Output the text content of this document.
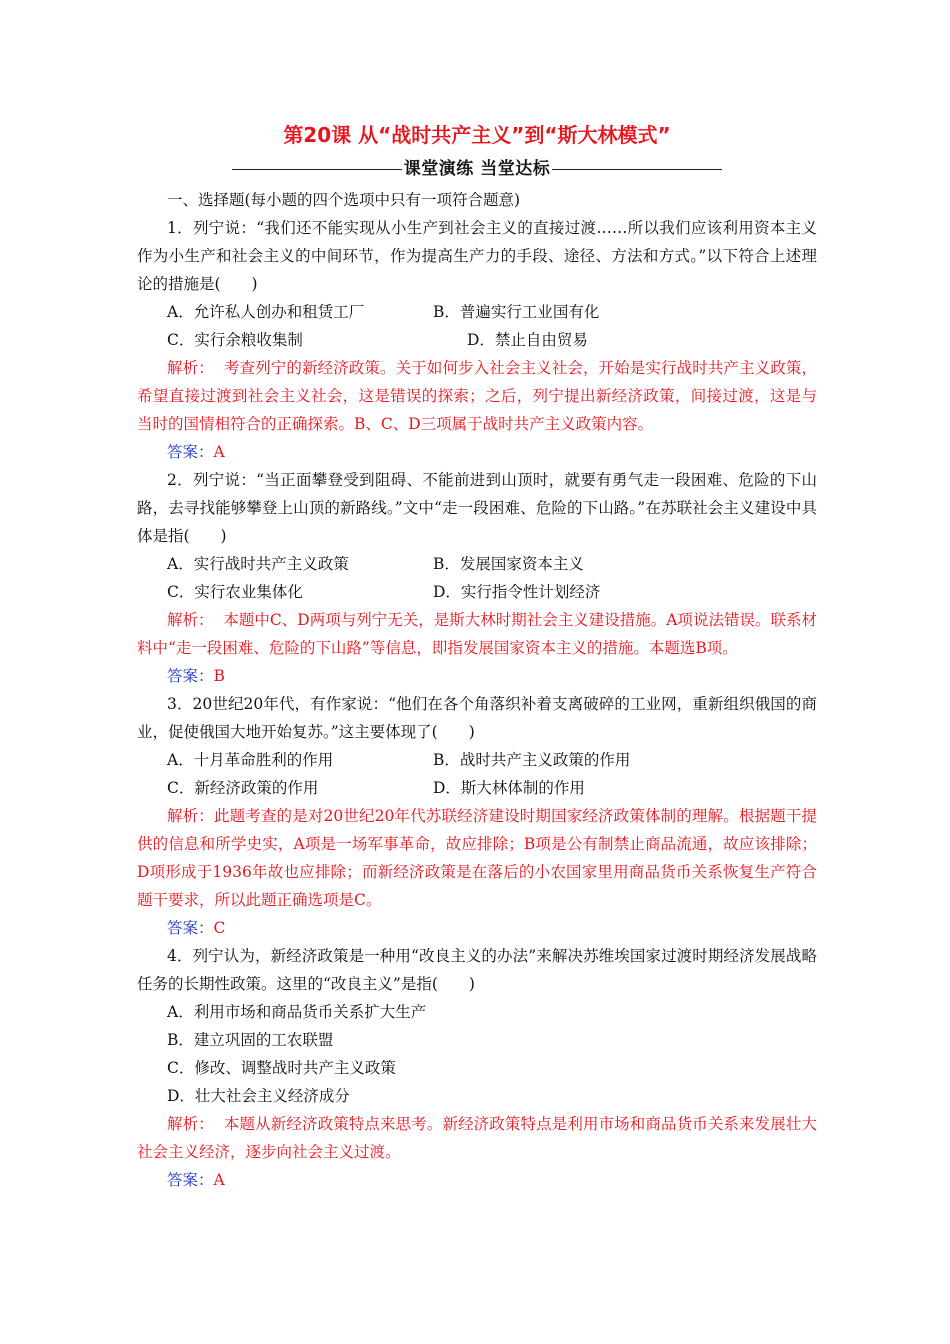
第20课 从“战时共产主义”到“斯大林模式”
课堂演练 当堂达标
一、选择题(每小题的四个选项中只有一项符合题意)
1．列宁说：“我们还不能实现从小生产到社会主义的直接过渡……所以我们应该利用资本主义作为小生产和社会主义的中间环节，作为提高生产力的手段、途径、方法和方式。”以下符合上述理论的措施是(　　)
A．允许私人创办和租赁工厂	B．普遍实行工业国有化
C．实行余粮收集制	D．禁止自由贸易
解析： 考查列宁的新经济政策。关于如何步入社会主义社会，开始是实行战时共产主义政策，希望直接过渡到社会主义社会，这是错误的探索；之后，列宁提出新经济政策，间接过渡，这是与当时的国情相符合的正确探索。B、C、D三项属于战时共产主义政策内容。
答案：A
2．列宁说：“当正面攀登受到阻碍、不能前进到山顶时，就要有勇气走一段困难、危险的下山路，去寻找能够攀登上山顶的新路线。”文中“走一段困难、危险的下山路。”在苏联社会主义建设中具体是指(　　)
A．实行战时共产主义政策	B．发展国家资本主义
C．实行农业集体化	D．实行指令性计划经济
解析： 本题中C、D两项与列宁无关，是斯大林时期社会主义建设措施。A项说法错误。联系材料中“走一段困难、危险的下山路”等信息，即指发展国家资本主义的措施。本题选B项。
答案：B
3．20世纪20年代，有作家说：“他们在各个角落织补着支离破碎的工业网，重新组织俄国的商业，促使俄国大地开始复苏。”这主要体现了(　　)
A．十月革命胜利的作用	B．战时共产主义政策的作用
C．新经济政策的作用	D．斯大林体制的作用
解析：此题考查的是对20世纪20年代苏联经济建设时期国家经济政策体制的理解。根据题干提供的信息和所学史实，A项是一场军事革命，故应排除；B项是公有制禁止商品流通，故应该排除；D项形成于1936年故也应排除；而新经济政策是在落后的小农国家里用商品货币关系恢复生产符合题干要求，所以此题正确选项是C。
答案：C
4．列宁认为，新经济政策是一种用“改良主义的办法”来解决苏维埃国家过渡时期经济发展战略任务的长期性政策。这里的“改良主义”是指(　　)
A．利用市场和商品货币关系扩大生产
B．建立巩固的工农联盟
C．修改、调整战时共产主义政策
D．壮大社会主义经济成分
解析： 本题从新经济政策特点来思考。新经济政策特点是利用市场和商品货币关系来发展壮大社会主义经济，逐步向社会主义过渡。
答案：A
